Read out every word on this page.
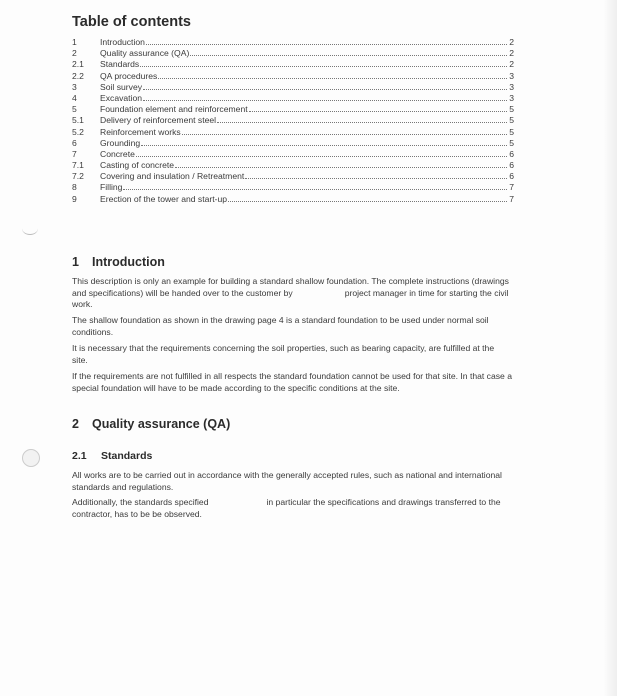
Table of contents
1	Introduction	2
2	Quality assurance (QA)	2
2.1	Standards	2
2.2	QA procedures	3
3	Soil survey	3
4	Excavation	3
5	Foundation element and reinforcement	5
5.1	Delivery of reinforcement steel	5
5.2	Reinforcement works	5
6	Grounding	5
7	Concrete	6
7.1	Casting of concrete	6
7.2	Covering and insulation / Retreatment	6
8	Filling	7
9	Erection of the tower and start-up	7
1 Introduction
This description is only an example for building a standard shallow foundation. The complete instructions (drawings and specifications) will be handed over to the customer by	project manager in time for starting the civil work.
The shallow foundation as shown in the drawing page 4 is a standard foundation to be used under normal soil conditions.
It is necessary that the requirements concerning the soil properties, such as bearing capacity, are fulfilled at the site.
If the requirements are not fulfilled in all respects the standard foundation cannot be used for that site. In that case a special foundation will have to be made according to the specific conditions at the site.
2 Quality assurance (QA)
2.1 Standards
All works are to be carried out in accordance with the generally accepted rules, such as national and international standards and regulations.
Additionally, the standards specified	in particular the specifications and drawings transferred to the contractor, has to be be observed.
